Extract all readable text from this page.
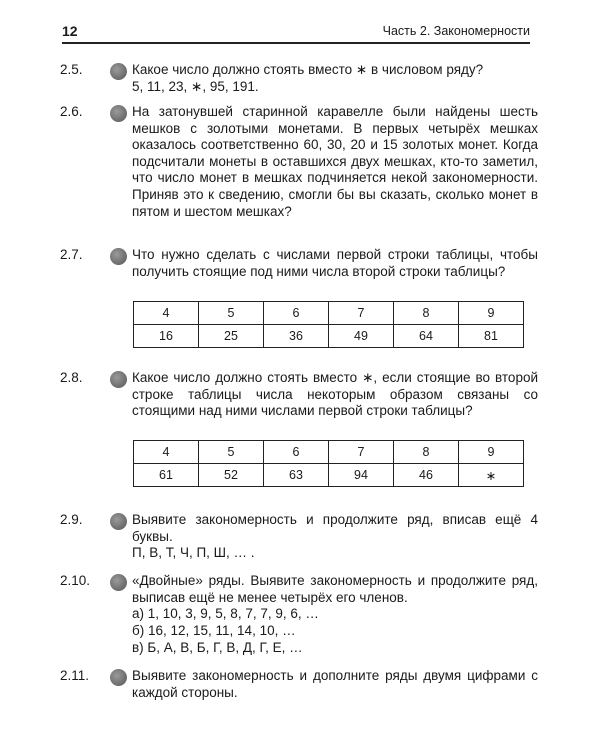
12	Часть 2. Закономерности
2.5.	Какое число должно стоять вместо ∗ в числовом ряду?
5, 11, 23, ∗, 95, 191.
2.6.	На затонувшей старинной каравелле были найдены шесть мешков с золотыми монетами. В первых четырёх мешках оказалось соответственно 60, 30, 20 и 15 золотых монет. Когда подсчитали монеты в оставшихся двух мешках, кто-то заметил, что число монет в мешках подчиняется некой закономерности. Приняв это к сведению, смогли бы вы сказать, сколько монет в пятом и шестом мешках?
2.7.	Что нужно сделать с числами первой строки таблицы, чтобы получить стоящие под ними числа второй строки таблицы?
4	5	6	7	8	9
16	25	36	49	64	81
2.8.	Какое число должно стоять вместо ∗, если стоящие во второй строке таблицы числа некоторым образом связаны со стоящими над ними числами первой строки таблицы?
4	5	6	7	8	9
61	52	63	94	46	∗
2.9.	Выявите закономерность и продолжите ряд, вписав ещё 4 буквы.
П, В, Т, Ч, П, Ш, … .
2.10.	«Двойные» ряды. Выявите закономерность и продолжите ряд, выписав ещё не менее четырёх его членов.
а) 1, 10, 3, 9, 5, 8, 7, 7, 9, 6, …
б) 16, 12, 15, 11, 14, 10, …
в) Б, А, В, Б, Г, В, Д, Г, Е, …
2.11.	Выявите закономерность и дополните ряды двумя цифрами с каждой стороны.
